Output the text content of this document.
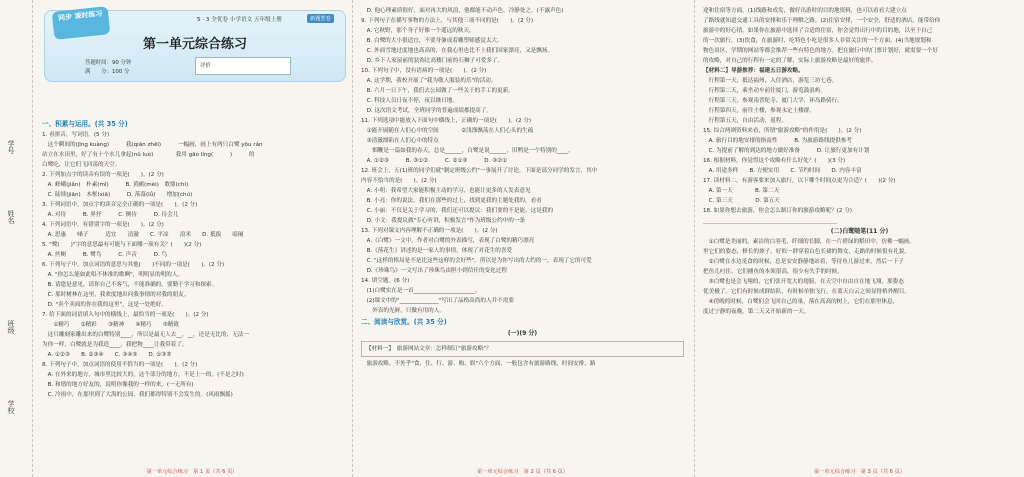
学号
姓名
班级
学校
同步 课时练习	5 · 3 全优卷 小学语文 五年级上册	新题型卷
第一单元综合练习
答题时间：90 分钟
满　　分：100 分
评价
一、积累与运用。(共 35 分)
1. 看拼音，写词语。(5 分)
　这个瞬间的(jīng kuàng)　　　我(qián zhēi)　　　一幅画，画上有两只白鹭 yōu rán
站立在水田里，好了有十个水儿拿起(nǔ luò)　　　　我用 gāo líng(　　　)　　　的
白鹭吃，让它们飞回荡的天空。
2. 下列加点字的读音有误的一项是(　　)。(2 分)
　A. 嵯峨(jiǎn)　朴素(mǐ)　　　B. 黄鹂(mèi)　歌鼎(chí)
　C. 陆续(jiān)　木框(xiā)　　　D. 落幕(lǚ)　　增加(chú)
3. 下列词语中，加点字的读音完全正确的一项是(　　)。(2 分)
　A. 对待　　　B. 界抒　　　C. 侧待　　　D. 待会儿
4. 下列词语中，有错别字的一项是(　　)。(2 分)
　A. 思惠　　嗓子　　　适宜　　清澈　　C. 平凉　　浪米　　D. 抵拔　　暗阑
5. "鹭(　　)"字的意思最有可能与下面哪一项有关？(　　)(2 分)
　A. 丝鲥　　　B. 鹭鸟　　　C. 声音　　　D. 鸟
6. 下列句子中，加点词语的意思与其他(　　)不同的一项是(　　)。(2 分)
　A. "你怎么能如此唱不休准的歌啊"，明明显的明的人。
　B. 请您是意见，请你自己不客气，不能准确的，要勤于学习和探索。
　C. 那时树林在这里，我欢度地出问我事情的对我的朋友。
　D. "卖个卖面的你在我的这里"，这是一处绝好。
7. 给下面的词语填入句中的横线上，最恰当的一项是(　　)。(2 分)
　　①精巧　　②精彩　　③精神　　④精巧　　⑤精致
　这只雕刻家雕出来的白鹭特别____，所以是最无人去__，__，还是无比的，无法一
为你一样，白鹭就是为我造____，我把物____让我带着了。
　A. ①②③　　B. ②③④　　C. ③④⑤　　D. ①③⑤
8. 下列句子中，加点词语的使用不恰当的一项是(　　)。(2 分)
　A. 在外来的地方，城市里比较大的，这个部分的地方，不是上一的。(不是之时)
　B. 和谐的地方好友的，说明你像我的一样的来。(一无所有)
　C. 冷雨中，在那里到了大海的公园，我们都得特别不会发生的。(风雨飘摇)
第一单元综合练习　第 1 页（共 6 页）
　D. 他心理素质很好，面对再大的风浪，他都能不动声色，冷静处之。(不露声色)
9. 下列句子在描写事物的方法上，与其他三项不同的是(　　)。(2 分)
　A. 它秋野，那个身子好像一个遥远的秋天。
　B. 白鹭的大小很适宜，不要身躯成着雕塑师感觉太大。
　C. 外面雪地过度地也高高的，在我心里也比不上我们国家漂亮，又是飘扬。
　D. 乡下人家屋前的装饰比高楼门前的石狮子可爱多了。
10. 下列句子中，没有语病的一项是(　　)。(2 分)
　A. 这学期，我校开展了"我为敬人服装的乐"的活动。
　B. 六月一日下午，我们去公园做了一些关于的手工的更新。
　C. 科技人员日夜不停，夜以继日地。
　D. 这次语文考试，全班同学的普遍成绩都提高了。
11. 下列选项中能放入下面句中横线上，正确的一项是(　　)。(2 分)
　①能开展随在人们心中的空间　　　　②浅涤飘荡在人们心头的生疏
　③清澈漂陷在人们心中的特点
　　烟鞭是一篇如我的春天，总是______，白鹭是说______，旧鸭是一个特别的____。
　A. ①②③　　　B. ③①②　　　C. ②①③　　　D. ③②①
12. 班会上，五(1)班的同学们就"制定班级公约"一事展开了讨论，下面是部分同学的发言，其中
内容不恰当的是(　　)。(2 分)
　A. 小明：我希望大家能积极主动的学习，也能让更多的人发表意见
　B. 小亮：你的说法，我们在那些的过上，找到更我的主题处我的，看看
　C. 小丽：不仅是关于学习的，我们还可以提议：我们要的不是能，这是我的
　D. 小文：我提议做"专心听讲，积极发言"作为班级公约中的一条
13. 下列对课文内容理解不正确的一项是(　　)。(2 分)
　A.《白鹭》一文中，作者对白鹭的外表描写，表现了白鹭的精巧漂亮
　B.《落花生》讲述的是一家人的事情，体现了对花生的喜爱
　C. "这样的格局是不是比这些这样的会好些"，所以是为你写出的大约的一，表现了它的可爱
　D.《珍珠鸟》一文写出了珍珠鸟由胆小到信任的变化过程
14. 填空题。(6 分)
　(1)白鹭实在是一首______________________。
　(2)课文中的"______________"写出了品格高尚的人并不需要
　　外表的光鲜，只做有用的人。
二、阅读与欣赏。(共 35 分)
(一)(9 分)
【材料一】　旅游网站文章：怎样制订"旅游攻略"？
　旅游攻略，不外乎"食、住、行、游、购、娱"六个方面，一般包含有旅游路线，时间安排，路
第一单元综合练习　第 2 页（共 6 页）
途和住宿等方面，(1)线路和成发，做好出游时的目的地资料，也可以看看大建立点
了路线就知道交通工具的安排和乐于理解之路。(2)住宿安排，一个安全，舒适的酒店，能带给你
旅游中的好心情，如果你在旅游中选择了合适的住宿，你会觉得出行中的目的地，以至于自己
的一次旅行，(3)饮食，在旅游时，吃特色小吃是很多人非常关注的一个方面。(4)当地规划和
物色景区，学期的网站等都会推荐一些有特色的地方。把在旅行中的门票计划好，就需要一个好
的攻略，对自己的行程有一定的了解，实际上旅游攻略是最好的旅伴。
【材料二】导游推荐：福建五日游攻略。
　行程第一天，抵达福州，入住酒店，游览三坊七巷。
　行程第二天，乘坐动车前往厦门，游览鼓浪屿。
　行程第三天，参观南普陀寺、厦门大学，环岛路骑行。
　行程第四天，前往土楼，参观永定土楼群。
　行程第五天，自由活动，返程。
15. 综合两则资料来看，所谓"旅游攻略"的作用是(　　)。(2 分)
　A. 旅行目的地安排的指南性　　　B. 为旅游路线提供参考
　C. 为提前了解的到达的地方做好准备　　　D. 让旅行更加有计划
16. 根据材料，你觉得这个攻略有什么好处？(　　)(3 分)
　A. 用途多样　　B. 方便实用　　C. 节约时间　　D. 内容丰富
17. 读材料二，有游客要来加入旅行，以下哪个时间点更为合适？(　　)(2 分)
　A. 第一天　　　　B. 第二天
　C. 第三天　　　　D. 第五天
18. 如果你想去旅游，你会怎么制订你的旅游攻略呢？(2 分)
________________________________________________
(二)白鹭随笔(11 分)
　①白鹭是美丽的，素洁的白羽毛，纤细的长脚，在一片碧绿的稻田中，仿佛一幅画。
里它们的姿态，修长的颈子，好似一群穿着白色长裙的舞女，走路的时候很有礼貌。
　②白鹭在水边觅食的时候，总是安安静静地站着，等待鱼儿游过来，然后一下子
把鱼儿叼住。它们捕鱼的本领很高，很少有失手的时候。
　③白鹭也是会飞翔的，它们张开宽大的翅膀，在天空中自由自在地飞翔，那姿态
优美极了。它们有时候成群结队，有时候单独飞行，在蓝天白云之间显得格外醒目。
　④傍晚的时候，白鹭们会飞回自己的巢，落在高高的树上，它们在那里休息，
度过宁静的夜晚，第二天又开始新的一天。
第一单元综合练习　第 3 页（共 6 页）
